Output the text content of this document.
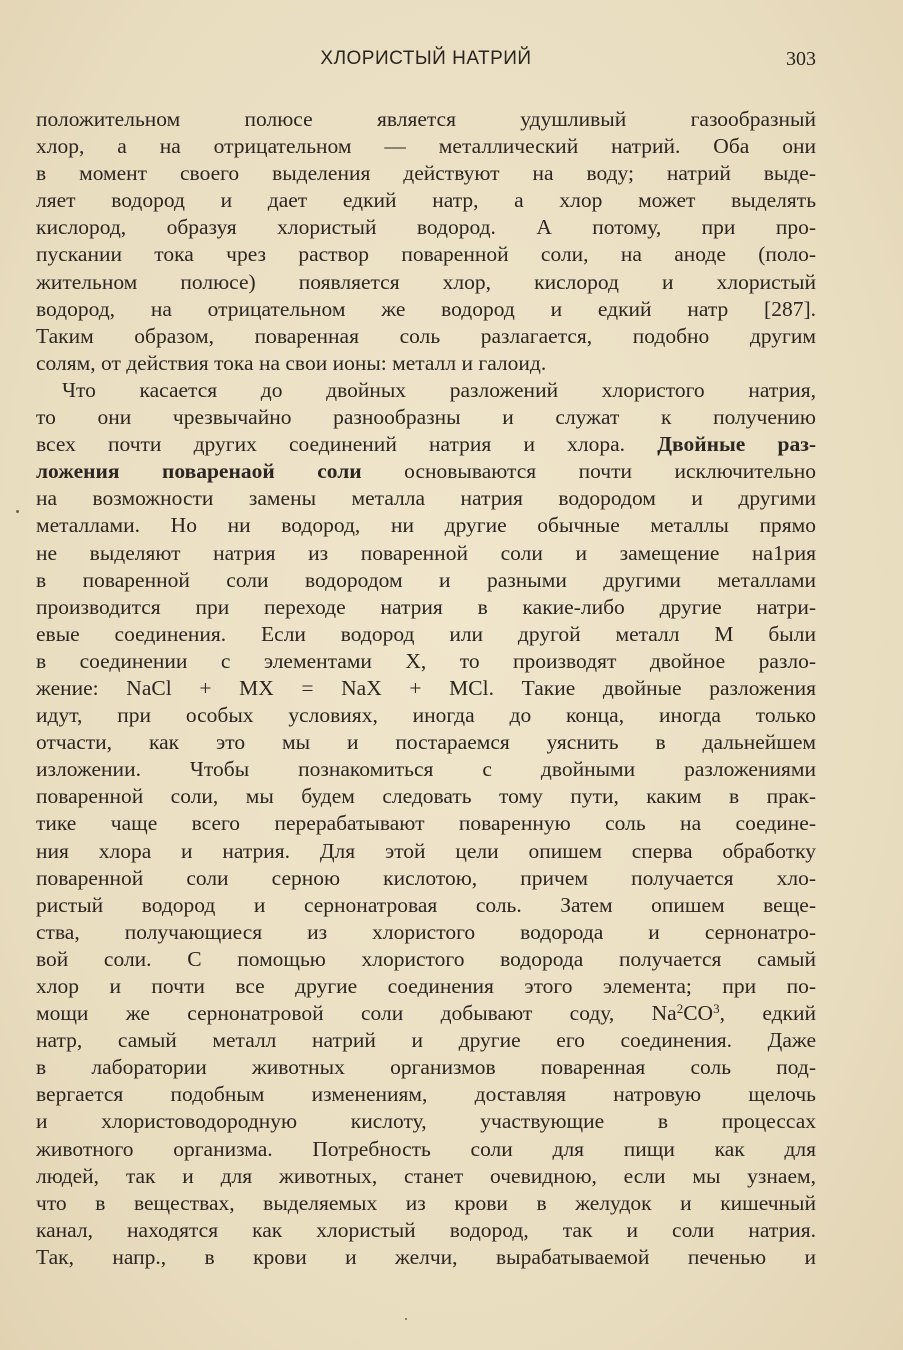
ХЛОРИСТЫЙ НАТРИЙ	303
положительном полюсе является удушливый газообразный
хлор, а на отрицательном — металлический натрий. Оба они
в момент своего выделения действуют на воду; натрий выде-
ляет водород и дает едкий натр, а хлор может выделять
кислород, образуя хлористый водород. А потому, при про-
пускании тока чрез раствор поваренной соли, на аноде (поло-
жительном полюсе) появляется хлор, кислород и хлористый
водород, на отрицательном же водород и едкий натр [287].
Таким образом, поваренная соль разлагается, подобно другим
солям, от действия тока на свои ионы: металл и галоид.
Что касается до двойных разложений хлористого натрия,
то они чрезвычайно разнообразны и служат к получению
всех почти других соединений натрия и хлора. Двойные раз-
ложения поваренаой соли основываются почти исключительно
на возможности замены металла натрия водородом и другими
металлами. Но ни водород, ни другие обычные металлы прямо
не выделяют натрия из поваренной соли и замещение на1рия
в поваренной соли водородом и разными другими металлами
производится при переходе натрия в какие-либо другие натри-
евые соединения. Если водород или другой металл М были
в соединении с элементами X, то производят двойное разло-
жение: NaCl + MX = NaX + MCl. Такие двойные разложения
идут, при особых условиях, иногда до конца, иногда только
отчасти, как это мы и постараемся уяснить в дальнейшем
изложении. Чтобы познакомиться с двойными разложениями
поваренной соли, мы будем следовать тому пути, каким в прак-
тике чаще всего перерабатывают поваренную соль на соедине-
ния хлора и натрия. Для этой цели опишем сперва обработку
поваренной соли серною кислотою, причем получается хло-
ристый водород и сернонатровая соль. Затем опишем веще-
ства, получающиеся из хлористого водорода и сернонатро-
вой соли. С помощью хлористого водорода получается самый
хлор и почти все другие соединения этого элемента; при по-
мощи же сернонатровой соли добывают соду, $Na^2CO^3$, едкий
натр, самый металл натрий и другие его соединения. Даже
в лаборатории животных организмов поваренная соль под-
вергается подобным изменениям, доставляя натровую щелочь
и хлористоводородную кислоту, участвующие в процессах
животного организма. Потребность соли для пищи как для
людей, так и для животных, станет очевидною, если мы узнаем,
что в веществах, выделяемых из крови в желудок и кишечный
канал, находятся как хлористый водород, так и соли натрия.
Так, напр., в крови и желчи, вырабатываемой печенью и
